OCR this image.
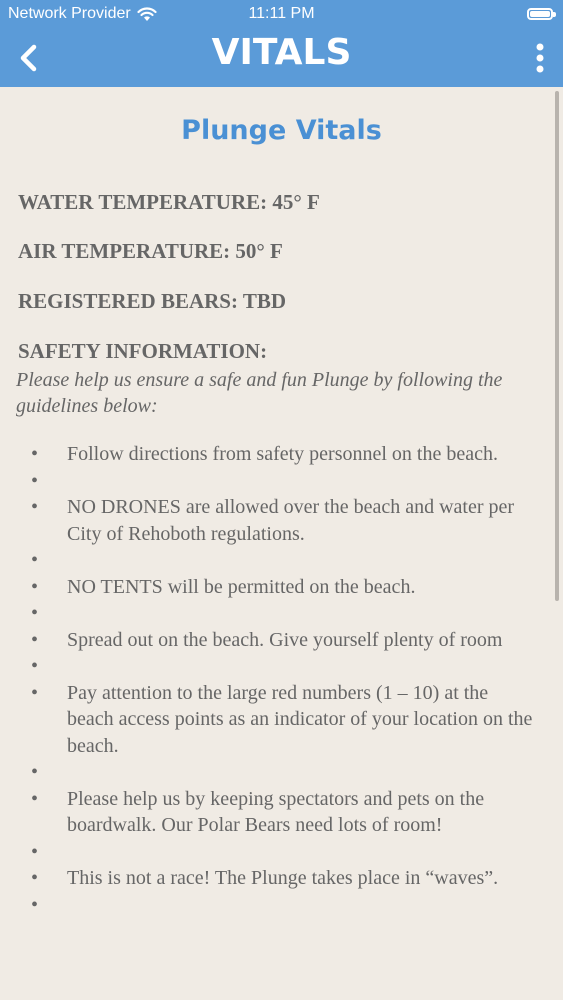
Network Provider	11:11 PM
VITALS
Plunge Vitals
WATER TEMPERATURE: 45° F
AIR TEMPERATURE: 50° F
REGISTERED BEARS: TBD
SAFETY INFORMATION:
Please help us ensure a safe and fun Plunge by following the guidelines below:
• Follow directions from safety personnel on the beach.
•
• NO DRONES are allowed over the beach and water per City of Rehoboth regulations.
•
• NO TENTS will be permitted on the beach.
•
• Spread out on the beach. Give yourself plenty of room
•
• Pay attention to the large red numbers (1 – 10) at the beach access points as an indicator of your location on the beach.
•
• Please help us by keeping spectators and pets on the boardwalk. Our Polar Bears need lots of room!
•
• This is not a race! The Plunge takes place in “waves”.
•
